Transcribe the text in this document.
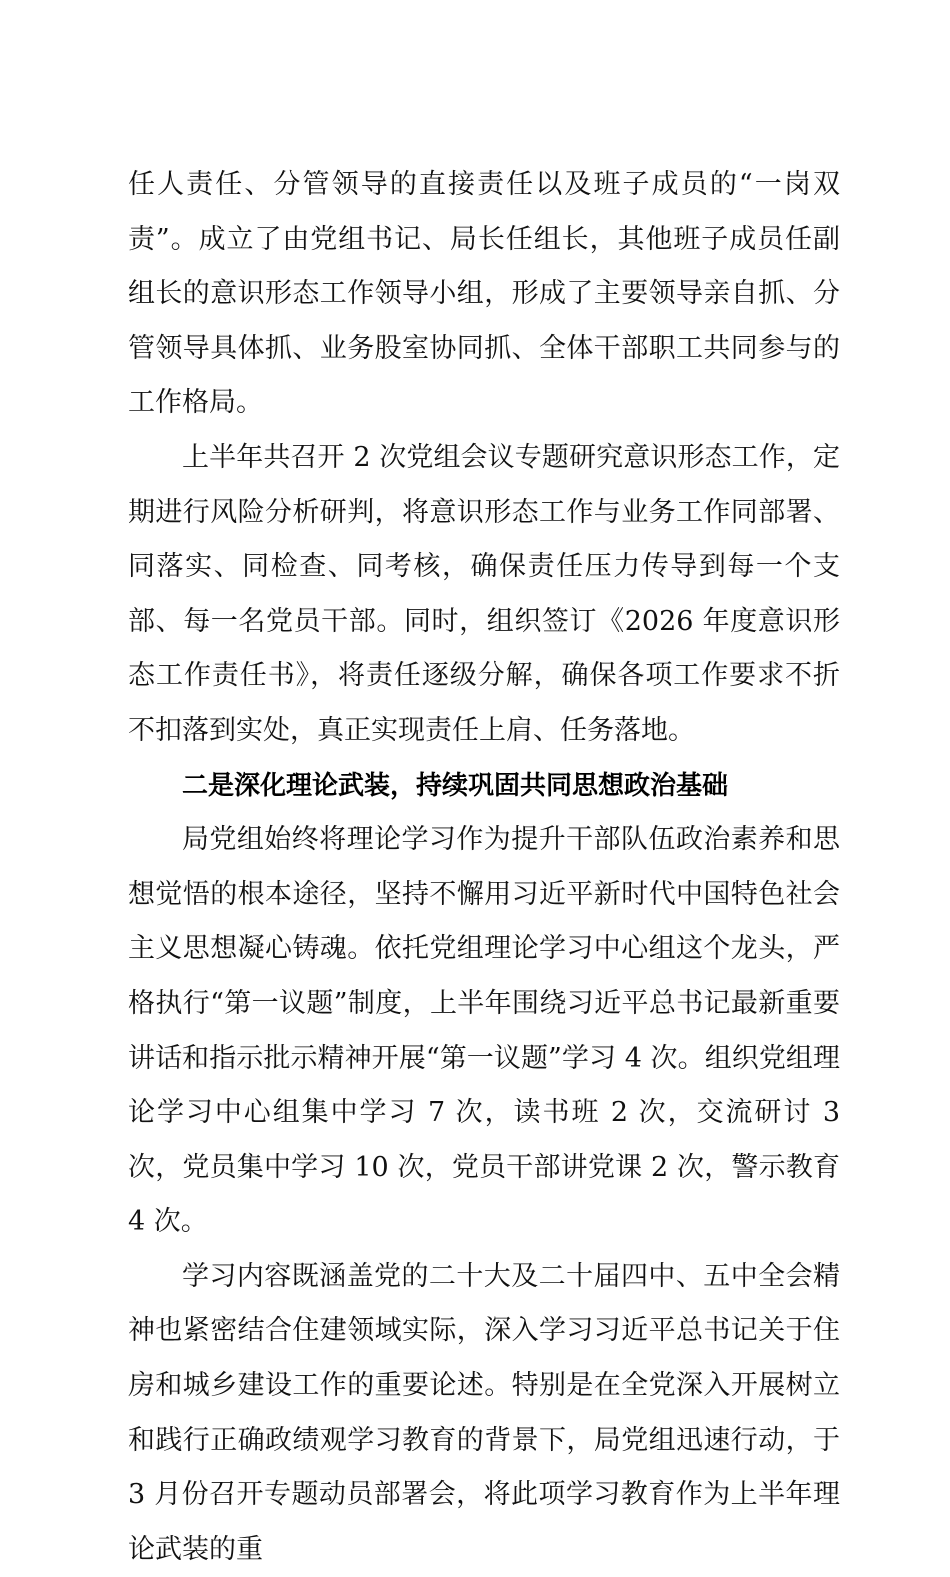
任人责任、分管领导的直接责任以及班子成员的“一岗双责”。成立了由党组书记、局长任组长，其他班子成员任副组长的意识形态工作领导小组，形成了主要领导亲自抓、分管领导具体抓、业务股室协同抓、全体干部职工共同参与的工作格局。

上半年共召开 2 次党组会议专题研究意识形态工作，定期进行风险分析研判，将意识形态工作与业务工作同部署、同落实、同检查、同考核，确保责任压力传导到每一个支部、每一名党员干部。同时，组织签订《2026 年度意识形态工作责任书》，将责任逐级分解，确保各项工作要求不折不扣落到实处，真正实现责任上肩、任务落地。

二是深化理论武装，持续巩固共同思想政治基础

局党组始终将理论学习作为提升干部队伍政治素养和思想觉悟的根本途径，坚持不懈用习近平新时代中国特色社会主义思想凝心铸魂。依托党组理论学习中心组这个龙头，严格执行“第一议题”制度，上半年围绕习近平总书记最新重要讲话和指示批示精神开展“第一议题”学习 4 次。组织党组理论学习中心组集中学习 7 次，读书班 2 次，交流研讨 3 次，党员集中学习 10 次，党员干部讲党课 2 次，警示教育 4 次。

学习内容既涵盖党的二十大及二十届四中、五中全会精神也紧密结合住建领域实际，深入学习习近平总书记关于住房和城乡建设工作的重要论述。特别是在全党深入开展树立和践行正确政绩观学习教育的背景下，局党组迅速行动，于 3 月份召开专题动员部署会，将此项学习教育作为上半年理论武装的重
